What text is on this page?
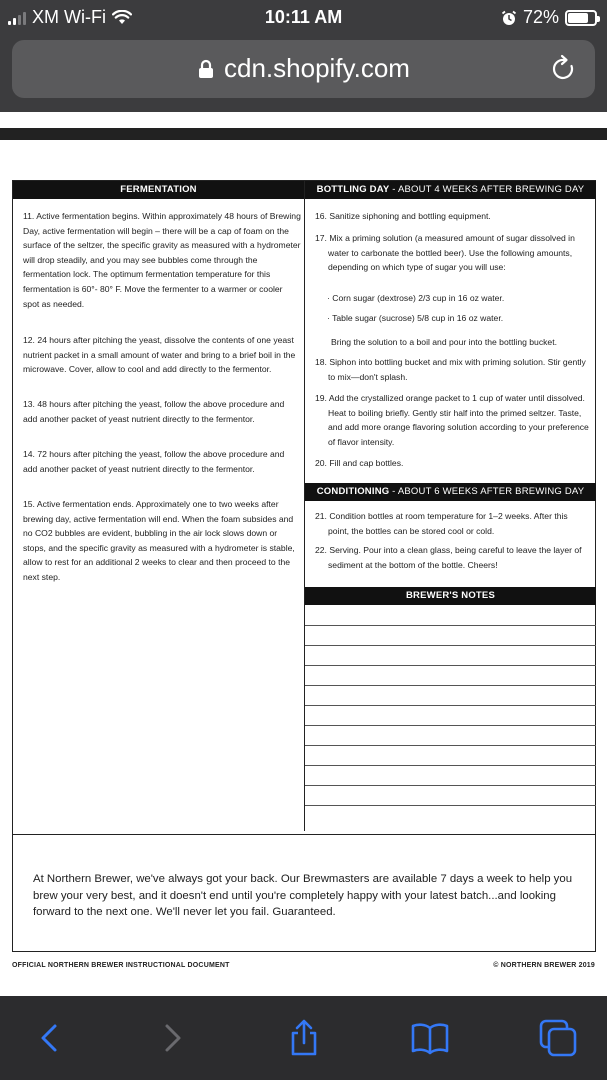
XM Wi-Fi	10:11 AM	72%
cdn.shopify.com
FERMENTATION
11. Active fermentation begins. Within approximately 48 hours of Brewing Day, active fermentation will begin – there will be a cap of foam on the surface of the seltzer, the specific gravity as measured with a hydrometer will drop steadily, and you may see bubbles come through the fermentation lock. The optimum fermentation temperature for this fermentation is 60°- 80° F. Move the fermenter to a warmer or cooler spot as needed.
12. 24 hours after pitching the yeast, dissolve the contents of one yeast nutrient packet in a small amount of water and bring to a brief boil in the microwave. Cover, allow to cool and add directly to the fermentor.
13. 48 hours after pitching the yeast, follow the above procedure and add another packet of yeast nutrient directly to the fermentor.
14. 72 hours after pitching the yeast, follow the above procedure and add another packet of yeast nutrient directly to the fermentor.
15. Active fermentation ends. Approximately one to two weeks after brewing day, active fermentation will end. When the foam subsides and no CO2 bubbles are evident, bubbling in the air lock slows down or stops, and the specific gravity as measured with a hydrometer is stable, allow to rest for an additional 2 weeks to clear and then proceed to the next step.
BOTTLING DAY - ABOUT 4 WEEKS AFTER BREWING DAY
16. Sanitize siphoning and bottling equipment.
17. Mix a priming solution (a measured amount of sugar dissolved in water to carbonate the bottled beer). Use the following amounts, depending on which type of sugar you will use:
· Corn sugar (dextrose) 2/3 cup in 16 oz water.
· Table sugar (sucrose) 5/8 cup in 16 oz water.
Bring the solution to a boil and pour into the bottling bucket.
18. Siphon into bottling bucket and mix with priming solution. Stir gently to mix—don't splash.
19. Add the crystallized orange packet to 1 cup of water until dissolved. Heat to boiling briefly. Gently stir half into the primed seltzer. Taste, and add more orange flavoring solution according to your preference of flavor intensity.
20. Fill and cap bottles.
CONDITIONING - ABOUT 6 WEEKS AFTER BREWING DAY
21. Condition bottles at room temperature for 1–2 weeks. After this point, the bottles can be stored cool or cold.
22. Serving. Pour into a clean glass, being careful to leave the layer of sediment at the bottom of the bottle. Cheers!
BREWER'S NOTES

At Northern Brewer, we've always got your back. Our Brewmasters are available 7 days a week to help you brew your very best, and it doesn't end until you're completely happy with your latest batch...and looking forward to the next one. We'll never let you fail. Guaranteed.

OFFICIAL NORTHERN BREWER INSTRUCTIONAL DOCUMENT	© NORTHERN BREWER 2019
